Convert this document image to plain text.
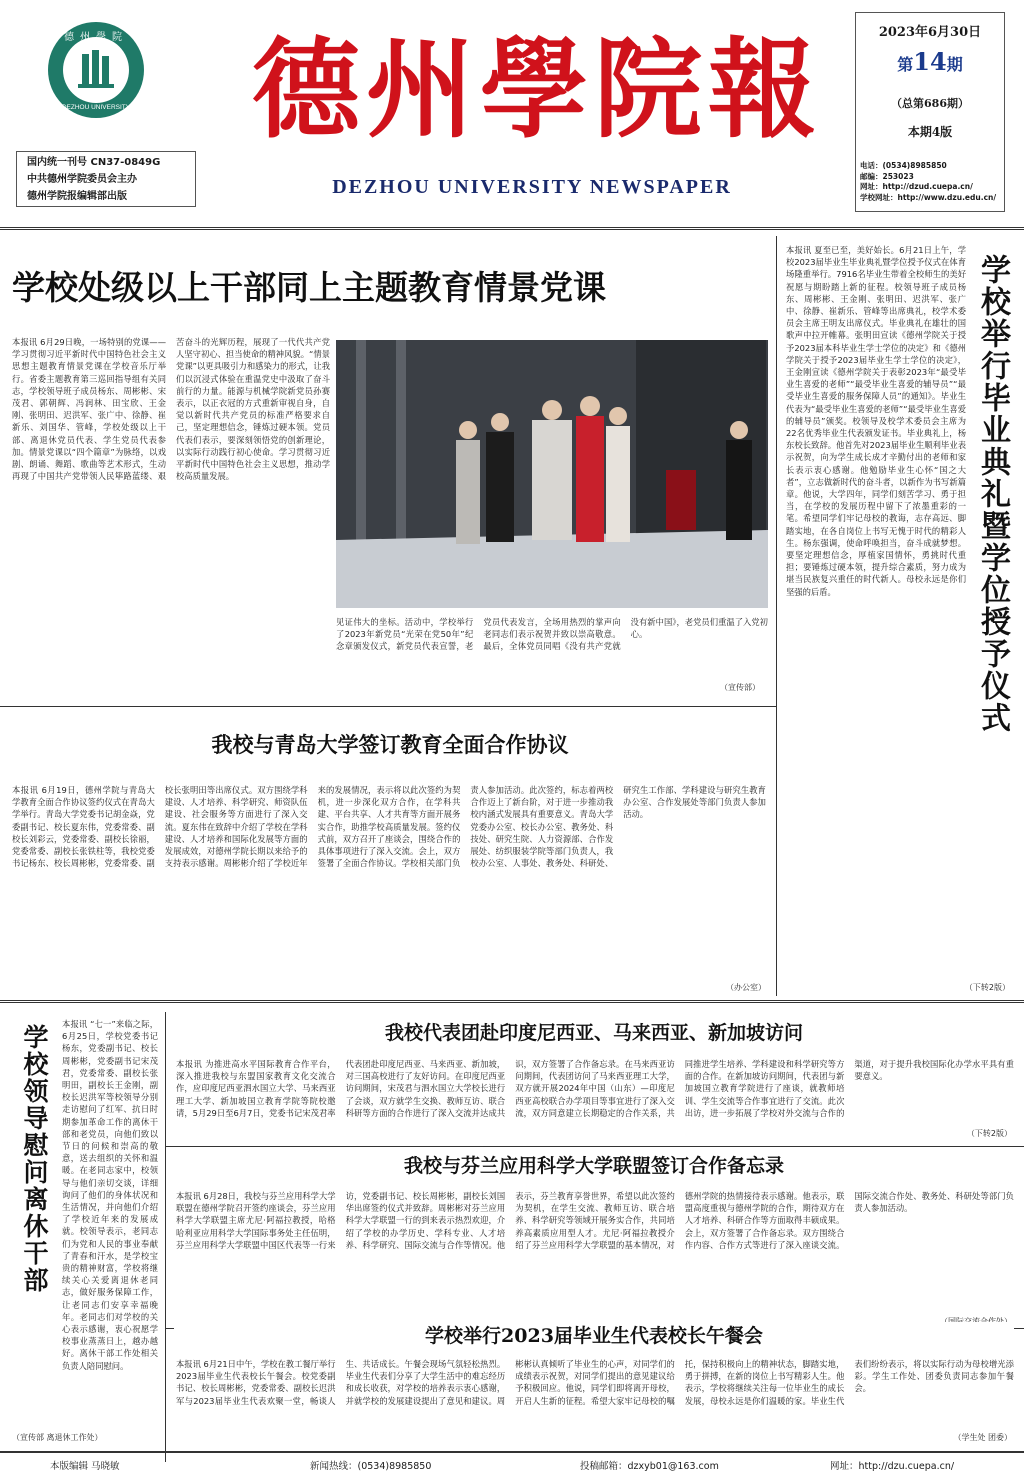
德州學院
DEZHOU UNIVERSITY
国内统一刊号 CN37-0849G
中共德州学院委员会主办
德州学院报编辑部出版
德州學院報
DEZHOU UNIVERSITY NEWSPAPER
2023年6月30日
第14期
（总第686期）
本期4版
电话：(0534)8985850
邮编：253023
网址：http://dzud.cuepa.cn/
学校网址：http://www.dzu.edu.cn/
学校处级以上干部同上主题教育情景党课
本报讯 6月29日晚，一场特别的党课——学习贯彻习近平新时代中国特色社会主义思想主题教育情景党课在学校音乐厅举行。省委主题教育第三巡回指导组有关同志，学校领导班子成员杨东、周彬彬、宋茂君、郭朝辉、冯润林、田宝欣、王金刚、张明田、迟洪军、张广中、徐静、崔新乐、刘国华、管峰，学校处级以上干部、离退休党员代表、学生党员代表参加。情景党课以“四个篇章”为脉络，以戏剧、朗诵、舞蹈、歌曲等艺术形式，生动再现了中国共产党带领人民筚路蓝缕、艰苦奋斗的光辉历程，展现了一代代共产党人坚守初心、担当使命的精神风貌。“情景党课”以更具吸引力和感染力的形式，让我们以沉浸式体验在重温党史中汲取了奋斗前行的力量。能源与机械学院新党员孙赛表示，以正衣冠的方式重新审视自身，自觉以新时代共产党员的标准严格要求自己，坚定理想信念，锤炼过硬本领。党员代表们表示，要深刻领悟党的创新理论，以实际行动践行初心使命。学习贯彻习近平新时代中国特色社会主义思想，推动学校高质量发展。
见证伟大的坐标。活动中，学校举行了2023年新党员“光荣在党50年”纪念章颁发仪式，新党员代表宣誓，老党员代表发言，全场用热烈的掌声向老同志们表示祝贺并致以崇高敬意。最后，全体党员同唱《没有共产党就没有新中国》，老党员们重温了入党初心。
（宣传部）
本报讯 夏至已至，美好始长。6月21日上午，学校2023届毕业生毕业典礼暨学位授予仪式在体育场隆重举行。7916名毕业生带着全校师生的美好祝愿与期盼踏上新的征程。校领导班子成员杨东、周彬彬、王金刚、张明田、迟洪军、张广中、徐静、崔新乐、管峰等出席典礼，校学术委员会主席王明友出席仪式。毕业典礼在雄壮的国歌声中拉开帷幕。张明田宣读《德州学院关于授予2023届本科毕业生学士学位的决定》和《德州学院关于授予2023届毕业生学士学位的决定》，王金刚宣读《德州学院关于表彰2023年“最受毕业生喜爱的老师”“最受毕业生喜爱的辅导员”“最受毕业生喜爱的服务保障人员”的通知》。毕业生代表为“最受毕业生喜爱的老师”“最受毕业生喜爱的辅导员”颁奖。校领导及校学术委员会主席为22名优秀毕业生代表颁发证书。毕业典礼上，杨东校长致辞。他首先对2023届毕业生顺利毕业表示祝贺，向为学生成长成才辛勤付出的老师和家长表示衷心感谢。他勉励毕业生心怀“国之大者”，立志做新时代的奋斗者，以新作为书写新篇章。他说，大学四年，同学们刻苦学习、勇于担当，在学校的发展历程中留下了浓墨重彩的一笔。希望同学们牢记母校的教诲，志存高远、脚踏实地，在各自岗位上书写无愧于时代的精彩人生。杨东强调，使命呼唤担当，奋斗成就梦想。要坚定理想信念，厚植家国情怀，勇挑时代重担；要锤炼过硬本领，提升综合素质，努力成为堪当民族复兴重任的时代新人。母校永远是你们坚强的后盾。	学校举行毕业典礼暨学位授予仪式
（下转2版）
我校与青岛大学签订教育全面合作协议
本报讯 6月19日，德州学院与青岛大学教育全面合作协议签约仪式在青岛大学举行。青岛大学党委书记胡金焱，党委副书记、校长夏东伟，党委常委、副校长刘彩云，党委常委、副校长徐丽，党委常委、副校长张铁柱等，我校党委书记杨东、校长周彬彬，党委常委、副校长张明田等出席仪式。双方围绕学科建设、人才培养、科学研究、师资队伍建设、社会服务等方面进行了深入交流。夏东伟在致辞中介绍了学校在学科建设、人才培养和国际化发展等方面的发展成效，对德州学院长期以来给予的支持表示感谢。周彬彬介绍了学校近年来的发展情况，表示将以此次签约为契机，进一步深化双方合作，在学科共建、平台共享、人才共育等方面开展务实合作，助推学校高质量发展。签约仪式前，双方召开了座谈会，围绕合作的具体事项进行了深入交流。会上，双方签署了全面合作协议。学校相关部门负责人参加活动。此次签约，标志着两校合作迈上了新台阶，对于进一步推动我校内涵式发展具有重要意义。青岛大学党委办公室、校长办公室、教务处、科技处、研究生院、人力资源部、合作发展处、纺织服装学院等部门负责人，我校办公室、人事处、教务处、科研处、研究生工作部、学科建设与研究生教育办公室、合作发展处等部门负责人参加活动。
（办公室）
学校领导慰问离休干部	本报讯 “七一”来临之际，6月25日，学校党委书记杨东，党委副书记、校长周彬彬，党委副书记宋茂君，党委常委、副校长张明田，副校长王金刚，副校长迟洪军等校领导分别走访慰问了红军、抗日时期参加革命工作的离休干部和老党员，向他们致以节日的问候和崇高的敬意，送去组织的关怀和温暖。在老同志家中，校领导与他们亲切交谈，详细询问了他们的身体状况和生活情况，并向他们介绍了学校近年来的发展成就。校领导表示，老同志们为党和人民的事业奉献了青春和汗水，是学校宝贵的精神财富，学校将继续关心关爱离退休老同志，做好服务保障工作，让老同志们安享幸福晚年。老同志们对学校的关心表示感谢，衷心祝愿学校事业蒸蒸日上，越办越好。离休干部工作处相关负责人陪同慰问。
（宣传部 离退休工作处）
我校代表团赴印度尼西亚、马来西亚、新加坡访问
本报讯 为推进高水平国际教育合作平台，深入推进我校与东盟国家教育文化交流合作，应印度尼西亚泗水国立大学、马来西亚理工大学、新加坡国立教育学院等院校邀请，5月29日至6月7日，党委书记宋茂君率代表团赴印度尼西亚、马来西亚、新加坡，对三国高校进行了友好访问。在印度尼西亚访问期间，宋茂君与泗水国立大学校长进行了会谈，双方就学生交换、教师互访、联合科研等方面的合作进行了深入交流并达成共识，双方签署了合作备忘录。在马来西亚访问期间，代表团访问了马来西亚理工大学，双方就开展2024年中国（山东）—印度尼西亚高校联合办学项目等事宜进行了深入交流，双方同意建立长期稳定的合作关系，共同推进学生培养、学科建设和科学研究等方面的合作。在新加坡访问期间，代表团与新加坡国立教育学院进行了座谈，就教师培训、学生交流等合作事宜进行了交流。此次出访，进一步拓展了学校对外交流与合作的渠道，对于提升我校国际化办学水平具有重要意义。
（下转2版）
我校与芬兰应用科学大学联盟签订合作备忘录
本报讯 6月28日，我校与芬兰应用科学大学联盟在德州学院召开签约座谈会，芬兰应用科学大学联盟主席尤尼·阿福拉教授，哈格哈利亚应用科学大学国际事务处主任伍明，芬兰应用科学大学联盟中国区代表等一行来访，党委副书记、校长周彬彬，副校长刘国华出席签约仪式并致辞。周彬彬对芬兰应用科学大学联盟一行的到来表示热烈欢迎，介绍了学校的办学历史、学科专业、人才培养、科学研究、国际交流与合作等情况。他表示，芬兰教育享誉世界，希望以此次签约为契机，在学生交流、教师互访、联合培养、科学研究等领域开展务实合作，共同培养高素质应用型人才。尤尼·阿福拉教授介绍了芬兰应用科学大学联盟的基本情况，对德州学院的热情接待表示感谢。他表示，联盟高度重视与德州学院的合作，期待双方在人才培养、科研合作等方面取得丰硕成果。会上，双方签署了合作备忘录。双方围绕合作内容、合作方式等进行了深入座谈交流。国际交流合作处、教务处、科研处等部门负责人参加活动。
学校举行2023届毕业生代表校长午餐会
本报讯 6月21日中午，学校在教工餐厅举行2023届毕业生代表校长午餐会。校党委副书记、校长周彬彬，党委常委、副校长迟洪军与2023届毕业生代表欢聚一堂，畅谈人生、共话成长。午餐会现场气氛轻松热烈。毕业生代表们分享了大学生活中的难忘经历和成长收获，对学校的培养表示衷心感谢，并就学校的发展建设提出了意见和建议。周彬彬认真倾听了毕业生的心声，对同学们的成绩表示祝贺，对同学们提出的意见建议给予积极回应。他说，同学们即将离开母校，开启人生新的征程。希望大家牢记母校的嘱托，保持积极向上的精神状态，脚踏实地，勇于拼搏，在新的岗位上书写精彩人生。他表示，学校将继续关注每一位毕业生的成长发展，母校永远是你们温暖的家。毕业生代表们纷纷表示，将以实际行动为母校增光添彩。学生工作处、团委负责同志参加午餐会。
（学生处 团委）
本版编辑 马晓敏	新闻热线：(0534)8985850	投稿邮箱：dzxyb01@163.com	网址：http://dzu.cuepa.cn/
